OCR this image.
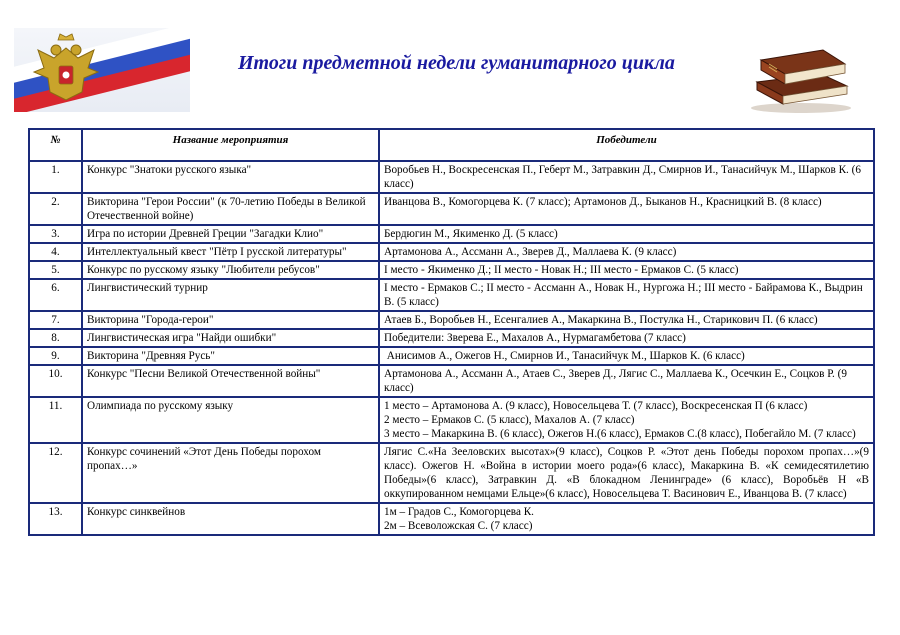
Итоги предметной недели гуманитарного цикла
№	Название мероприятия	Победители
1.	Конкурс "Знатоки русского языка"	Воробьев Н., Воскресенская П., Геберт М., Затравкин Д., Смирнов И., Танасийчук М., Шарков К. (6 класс)

2.	Викторина "Герои России" (к 70-летию Победы в Великой Отечественной войне)	Иванцова В., Комогорцева К. (7 класс); Артамонов Д., Быканов Н., Красницкий В. (8 класс)

3.	Игра по истории Древней Греции "Загадки Клио"	Бердюгин М., Якименко Д. (5 класс)

4.	Интеллектуальный квест "Пётр I русской литературы"	Артамонова А., Ассманн А., Зверев Д., Маллаева К. (9 класс)

5.	Конкурс по русскому языку "Любители ребусов"	I место - Якименко Д.; II место - Новак Н.; III место - Ермаков С. (5 класс)

6.	Лингвистический турнир	I место - Ермаков С.; II место - Ассманн А., Новак Н., Нургожа Н.; III место - Байрамова К., Выдрин В. (5 класс)

7.	Викторина "Города-герои"	Атаев Б., Воробьев Н., Есенгалиев А., Макаркина В., Постулка Н., Старикович П. (6 класс)

8.	Лингвистическая игра "Найди ошибки"	Победители: Зверева Е., Махалов А., Нурмагамбетова (7 класс)

9.	Викторина "Древняя Русь"	Анисимов А., Ожегов Н., Смирнов И., Танасийчук М., Шарков К. (6 класс)

10.	Конкурс "Песни Великой Отечественной войны"	Артамонова А., Ассманн А., Атаев С., Зверев Д., Лягис С., Маллаева К., Осечкин Е., Соцков Р. (9 класс)

11.	Олимпиада по русскому языку	1 место – Артамонова А. (9 класс), Новосельцева Т. (7 класс), Воскресенская П (6 класс)
2 место – Ермаков С. (5 класс), Махалов А. (7 класс)
3 место – Макаркина В. (6 класс), Ожегов Н.(6 класс), Ермаков С.(8 класс), Побегайло М. (7 класс)

12.	Конкурс сочинений «Этот День Победы порохом пропах…»	Лягис С.«На Зееловских высотах»(9 класс), Соцков Р. «Этот день Победы порохом пропах…»(9 класс). Ожегов Н. «Война в истории моего рода»(6 класс), Макаркина В. «К семидесятилетию Победы»(6 класс), Затравкин Д. «В блокадном Ленинграде» (6 класс), Воробьёв Н «В оккупированном немцами Ельце»(6 класс), Новосельцева Т. Васинович Е., Иванцова В. (7 класс)

13.	Конкурс синквейнов	1м – Градов С., Комогорцева К.
2м – Всеволожская С. (7 класс)
